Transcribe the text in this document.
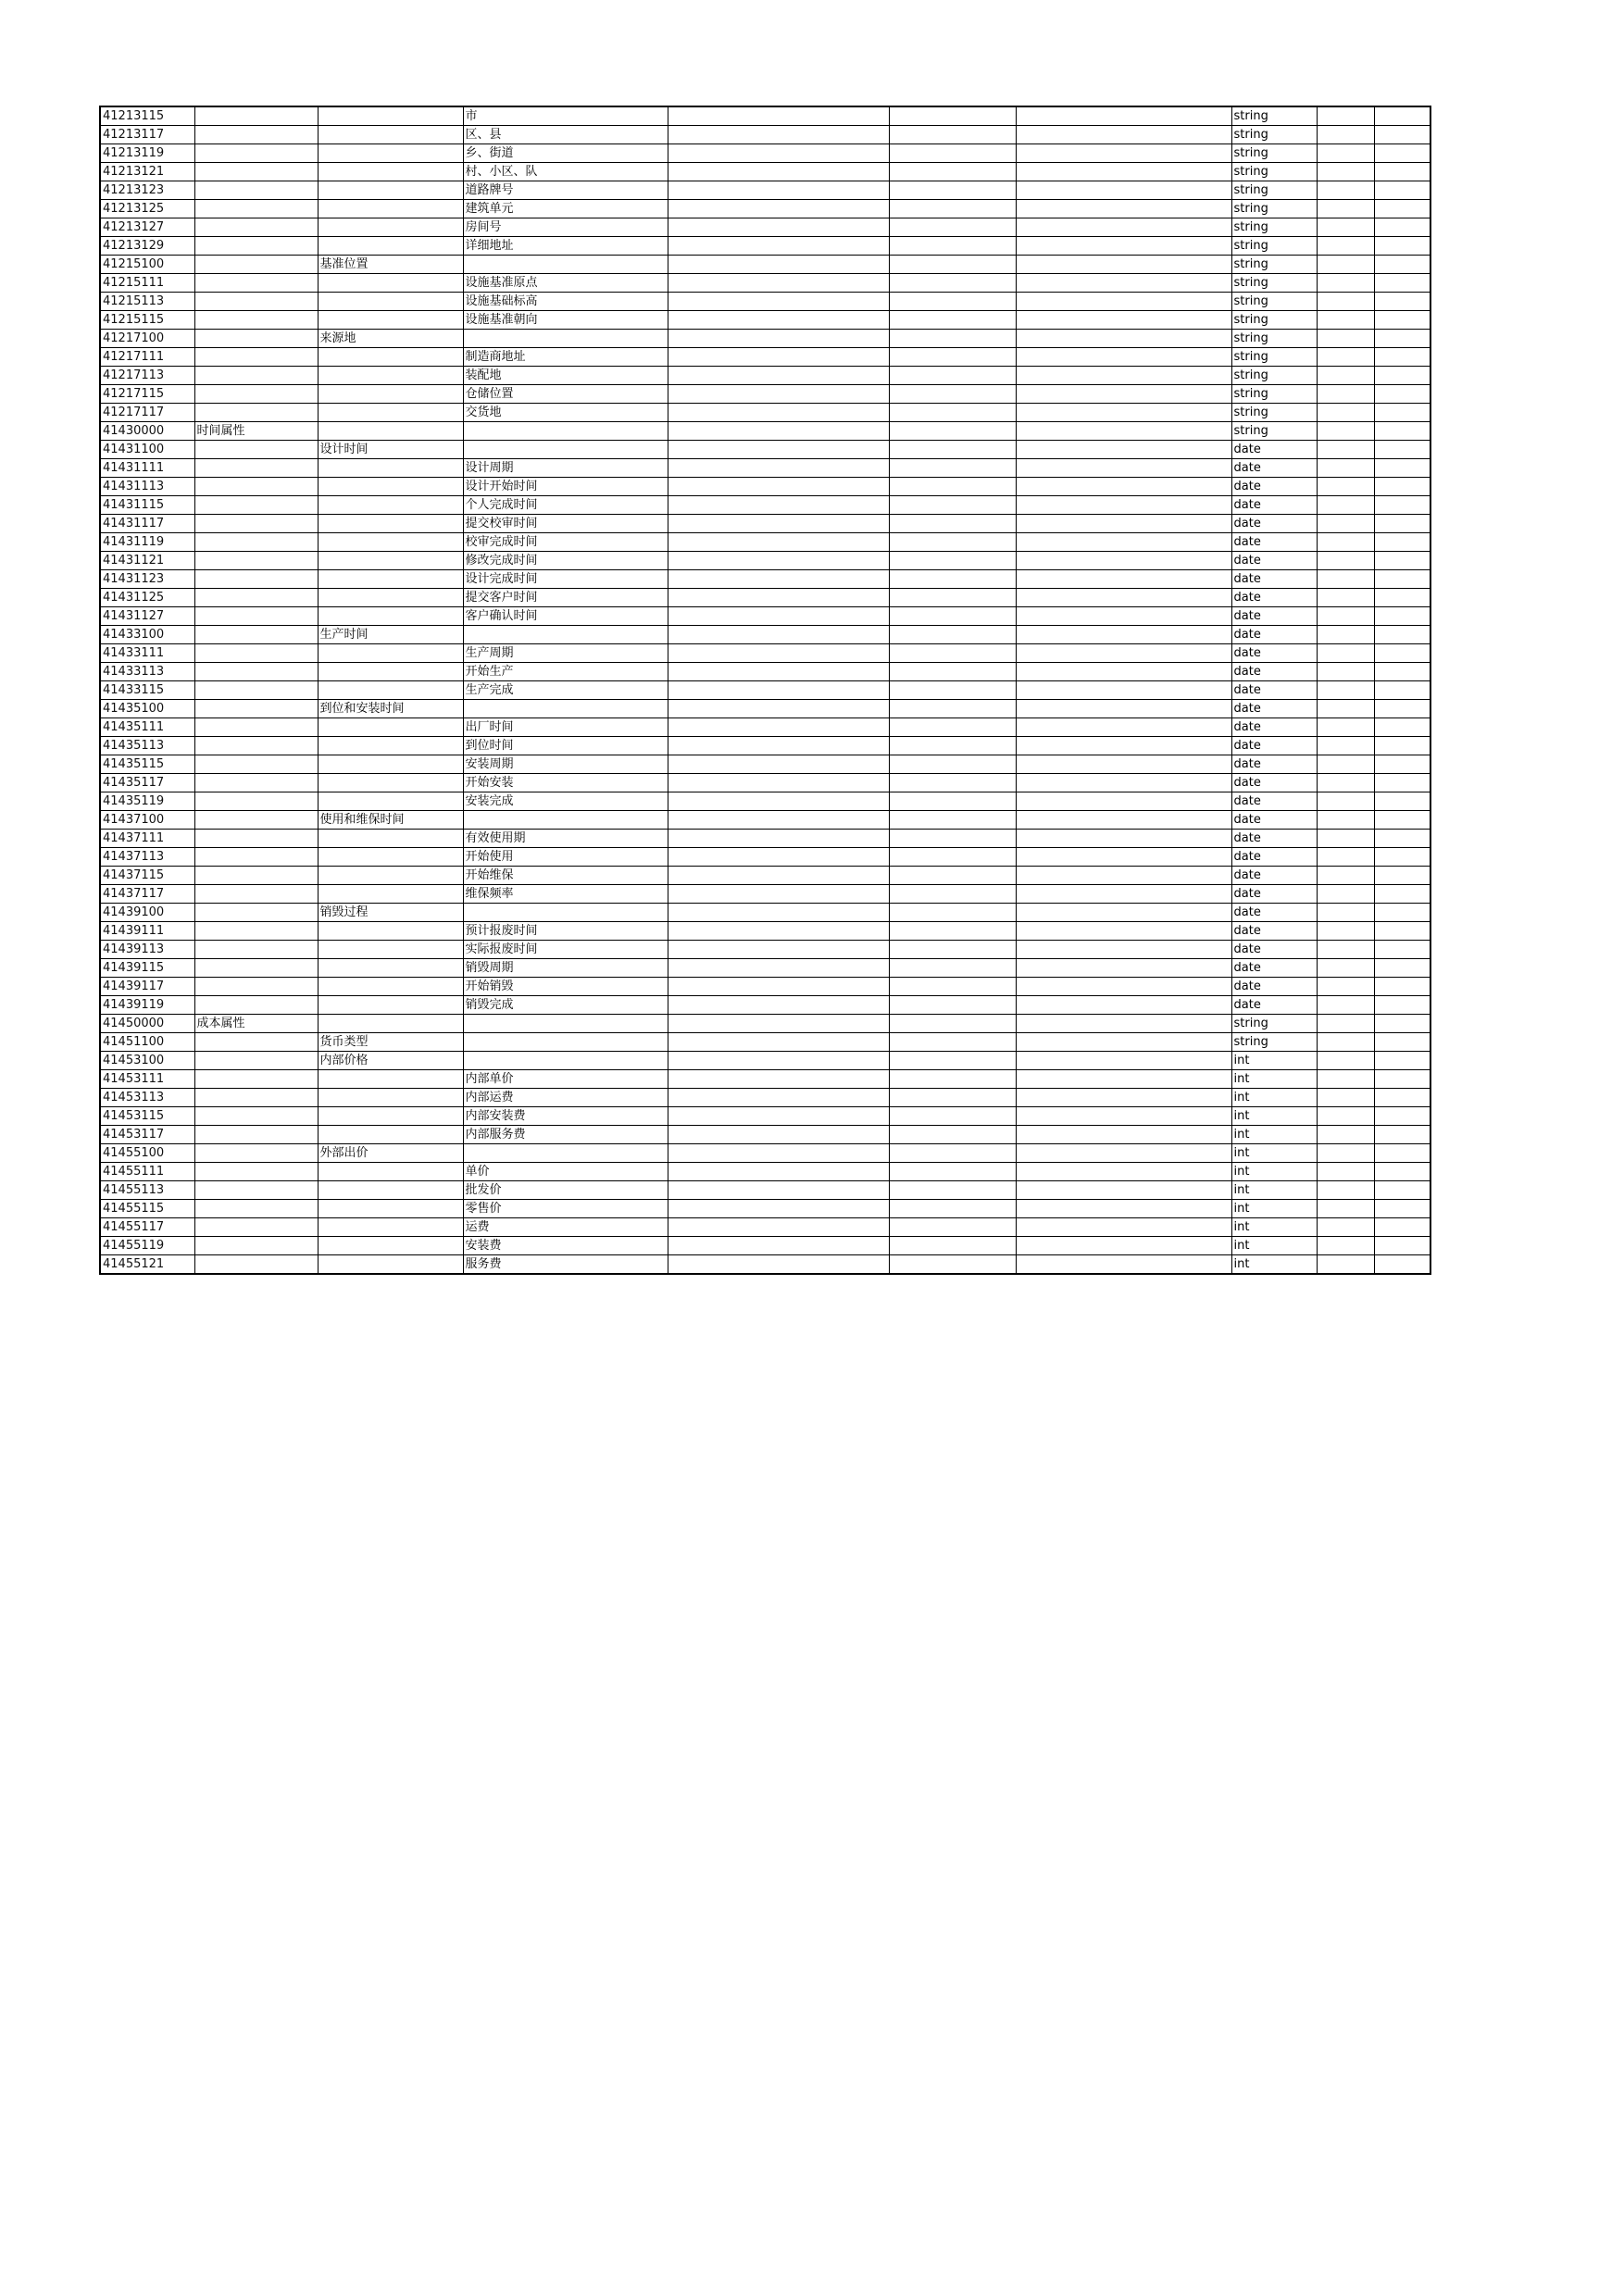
41213115			市				string		
41213117			区、县				string		
41213119			乡、街道				string		
41213121			村、小区、队				string		
41213123			道路牌号				string		
41213125			建筑单元				string		
41213127			房间号				string		
41213129			详细地址				string		
41215100		基准位置					string		
41215111			设施基准原点				string		
41215113			设施基础标高				string		
41215115			设施基准朝向				string		
41217100		来源地					string		
41217111			制造商地址				string		
41217113			装配地				string		
41217115			仓储位置				string		
41217117			交货地				string		
41430000	时间属性						string		
41431100		设计时间					date		
41431111			设计周期				date		
41431113			设计开始时间				date		
41431115			个人完成时间				date		
41431117			提交校审时间				date		
41431119			校审完成时间				date		
41431121			修改完成时间				date		
41431123			设计完成时间				date		
41431125			提交客户时间				date		
41431127			客户确认时间				date		
41433100		生产时间					date		
41433111			生产周期				date		
41433113			开始生产				date		
41433115			生产完成				date		
41435100		到位和安装时间					date		
41435111			出厂时间				date		
41435113			到位时间				date		
41435115			安装周期				date		
41435117			开始安装				date		
41435119			安装完成				date		
41437100		使用和维保时间					date		
41437111			有效使用期				date		
41437113			开始使用				date		
41437115			开始维保				date		
41437117			维保频率				date		
41439100		销毁过程					date		
41439111			预计报废时间				date		
41439113			实际报废时间				date		
41439115			销毁周期				date		
41439117			开始销毁				date		
41439119			销毁完成				date		
41450000	成本属性						string		
41451100		货币类型					string		
41453100		内部价格					int		
41453111			内部单价				int		
41453113			内部运费				int		
41453115			内部安装费				int		
41453117			内部服务费				int		
41455100		外部出价					int		
41455111			单价				int		
41455113			批发价				int		
41455115			零售价				int		
41455117			运费				int		
41455119			安装费				int		
41455121			服务费				int		
